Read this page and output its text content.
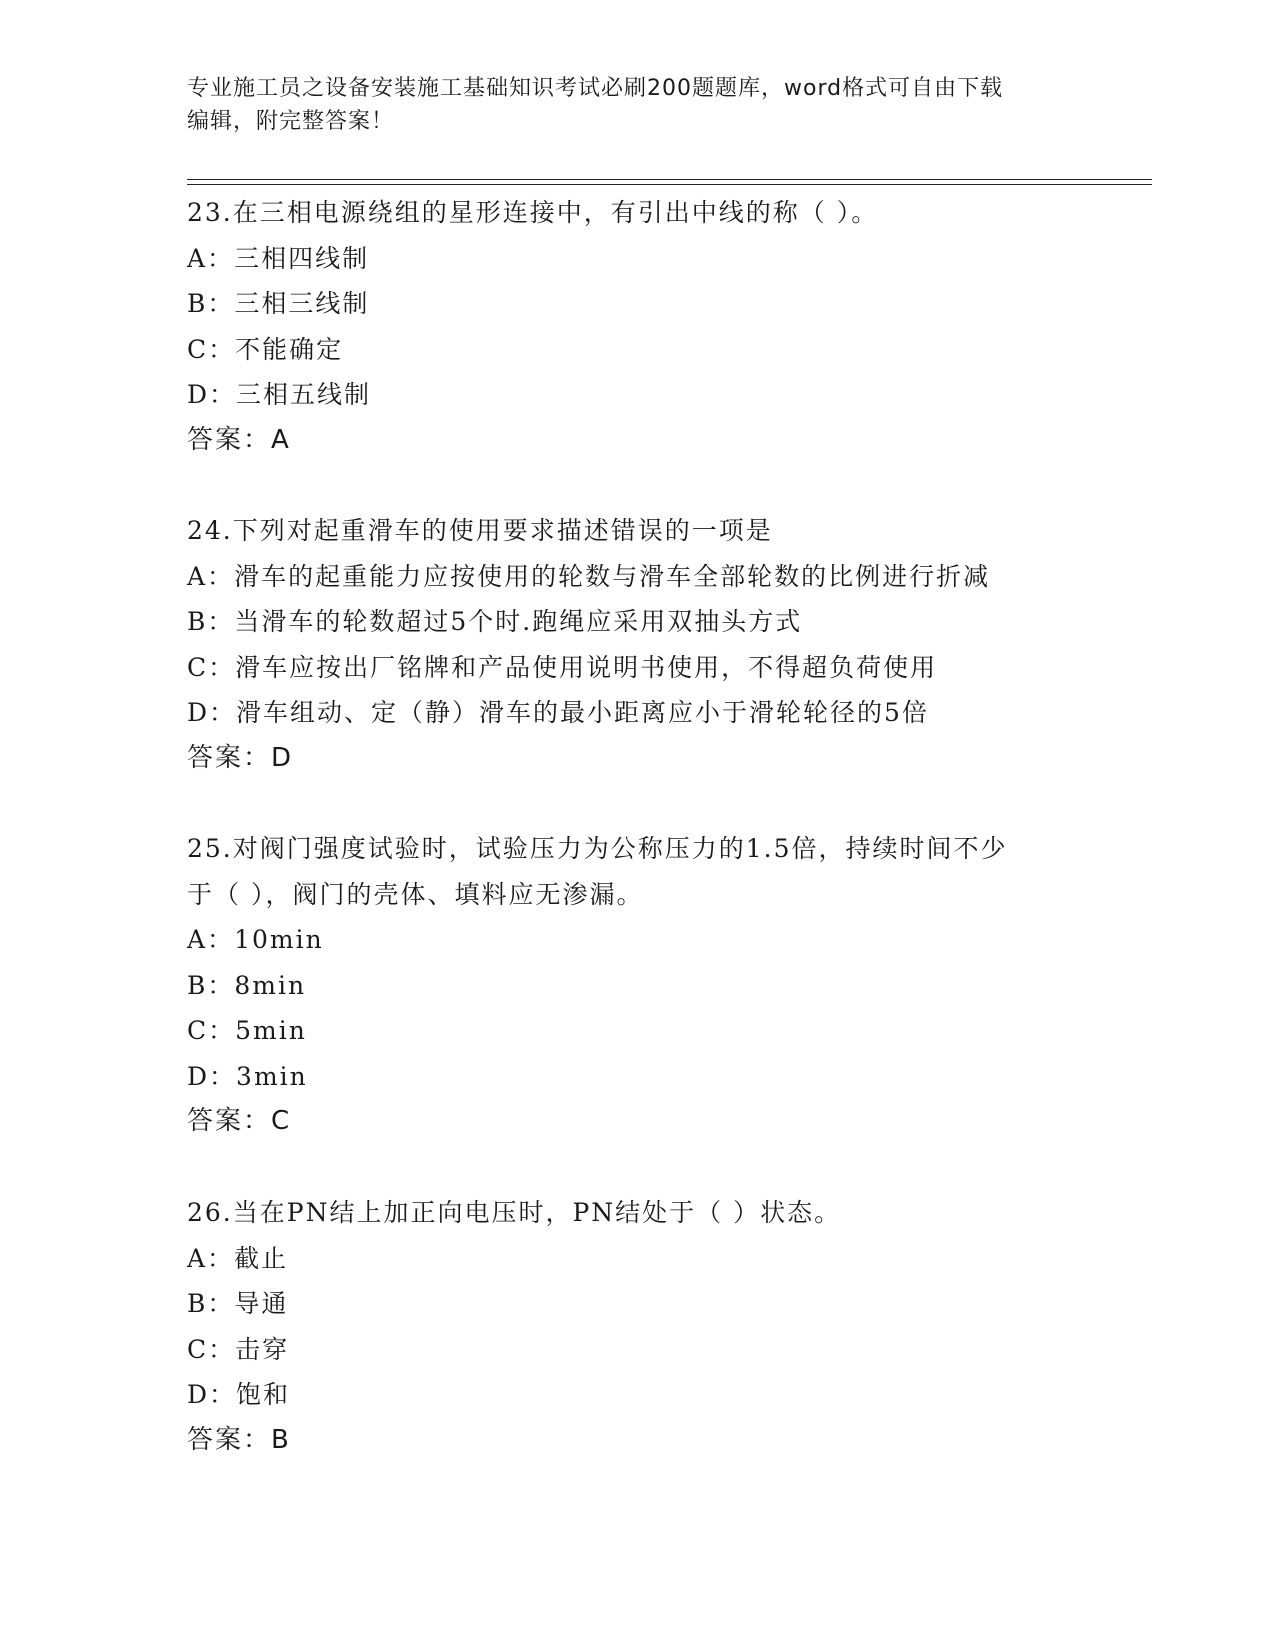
专业施工员之设备安装施工基础知识考试必刷200题题库，word格式可自由下载
编辑，附完整答案！
23.在三相电源绕组的星形连接中，有引出中线的称（ ）。
A：三相四线制
B：三相三线制
C：不能确定
D：三相五线制
答案：A
24.下列对起重滑车的使用要求描述错误的一项是
A：滑车的起重能力应按使用的轮数与滑车全部轮数的比例进行折减
B：当滑车的轮数超过5个时.跑绳应采用双抽头方式
C：滑车应按出厂铭牌和产品使用说明书使用，不得超负荷使用
D：滑车组动、定（静）滑车的最小距离应小于滑轮轮径的5倍
答案：D
25.对阀门强度试验时，试验压力为公称压力的1.5倍，持续时间不少
于（ ），阀门的壳体、填料应无渗漏。
A：10min
B：8min
C：5min
D：3min
答案：C
26.当在PN结上加正向电压时，PN结处于（ ）状态。
A：截止
B：导通
C：击穿
D：饱和
答案：B
